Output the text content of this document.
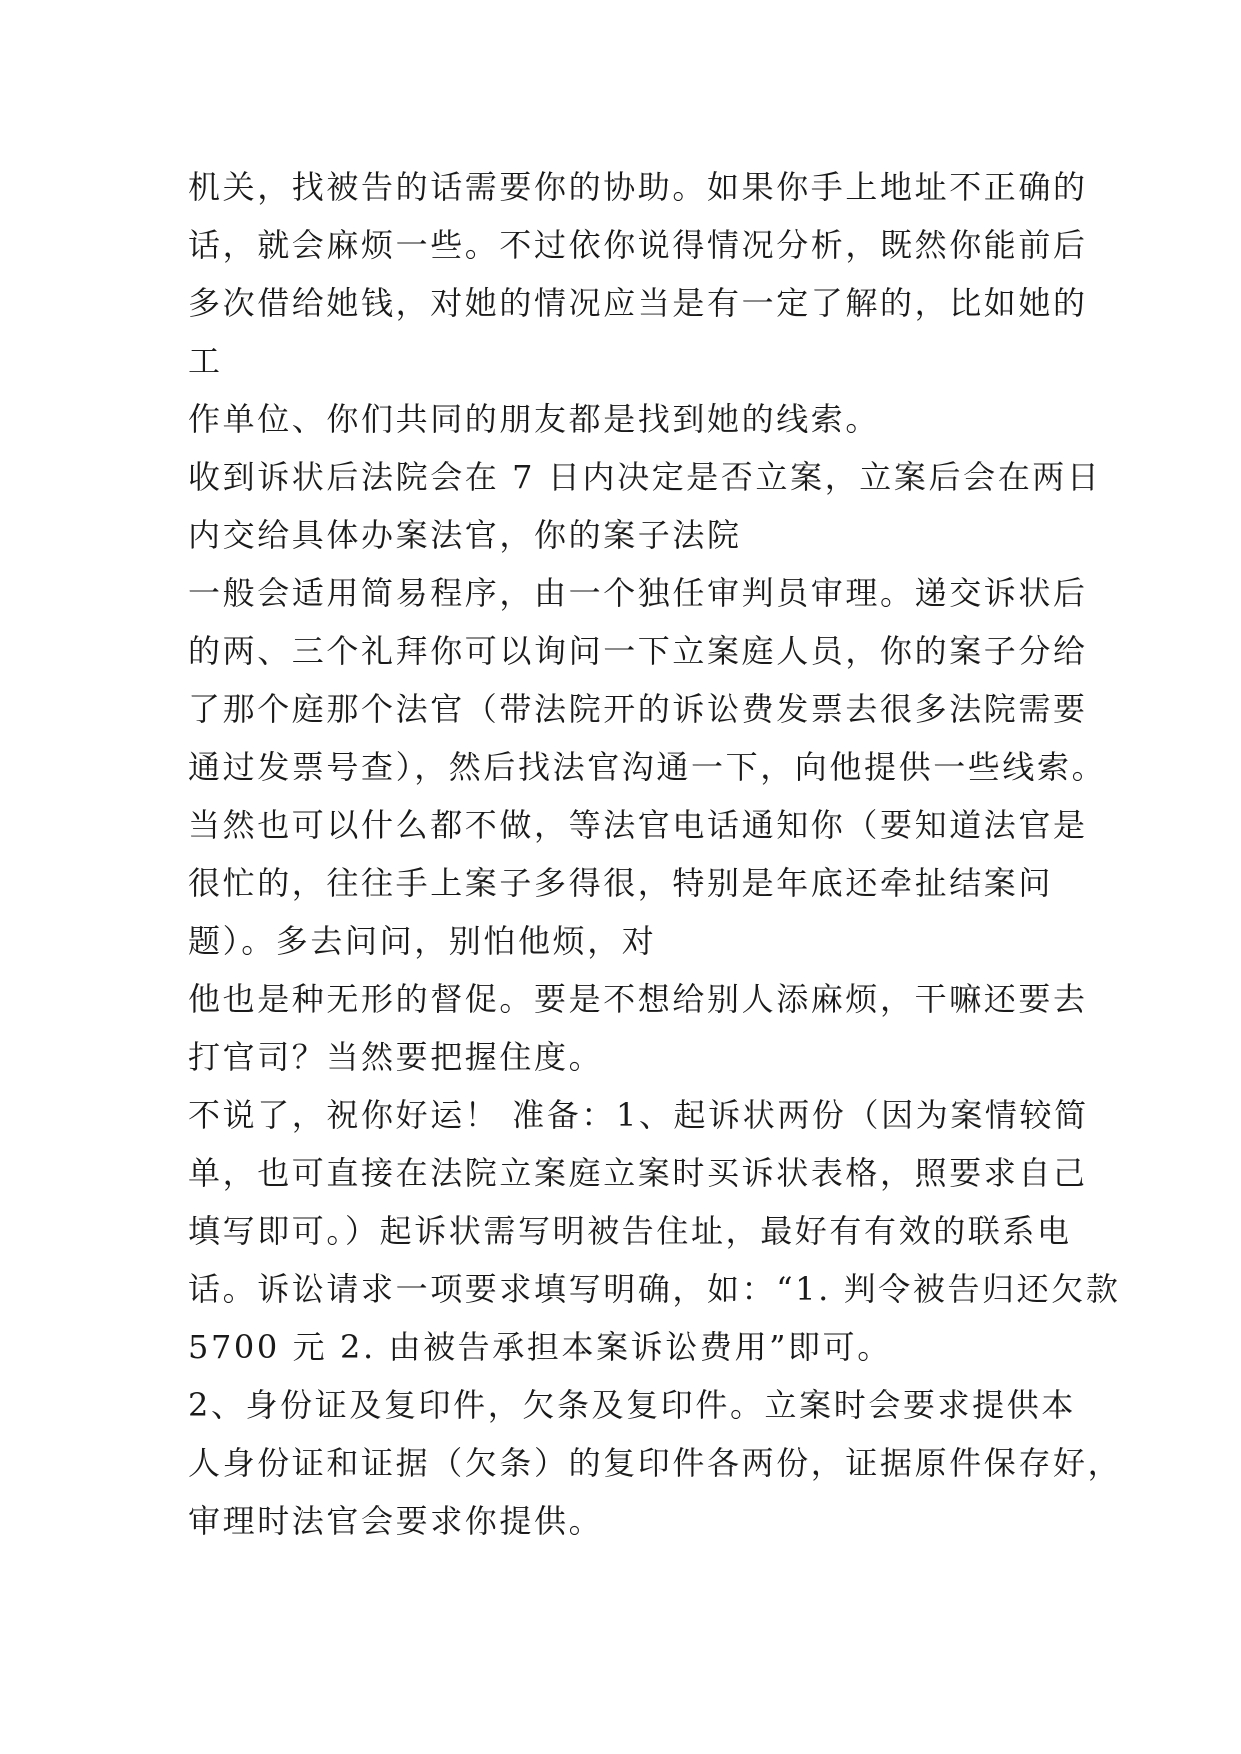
机关，找被告的话需要你的协助。如果你手上地址不正确的
话，就会麻烦一些。不过依你说得情况分析，既然你能前后
多次借给她钱，对她的情况应当是有一定了解的，比如她的
工
作单位、你们共同的朋友都是找到她的线索。
收到诉状后法院会在 7 日内决定是否立案，立案后会在两日
内交给具体办案法官，你的案子法院
一般会适用简易程序，由一个独任审判员审理。递交诉状后
的两、三个礼拜你可以询问一下立案庭人员，你的案子分给
了那个庭那个法官（带法院开的诉讼费发票去很多法院需要
通过发票号查），然后找法官沟通一下，向他提供一些线索。
当然也可以什么都不做，等法官电话通知你（要知道法官是
很忙的，往往手上案子多得很，特别是年底还牵扯结案问
题）。多去问问，别怕他烦，对
他也是种无形的督促。要是不想给别人添麻烦，干嘛还要去
打官司？当然要把握住度。
不说了，祝你好运！ 准备：1、起诉状两份（因为案情较简
单，也可直接在法院立案庭立案时买诉状表格，照要求自己
填写即可。）起诉状需写明被告住址，最好有有效的联系电
话。诉讼请求一项要求填写明确，如：“1. 判令被告归还欠款
5700 元 2. 由被告承担本案诉讼费用”即可。
2、身份证及复印件，欠条及复印件。立案时会要求提供本
人身份证和证据（欠条）的复印件各两份，证据原件保存好，
审理时法官会要求你提供。
